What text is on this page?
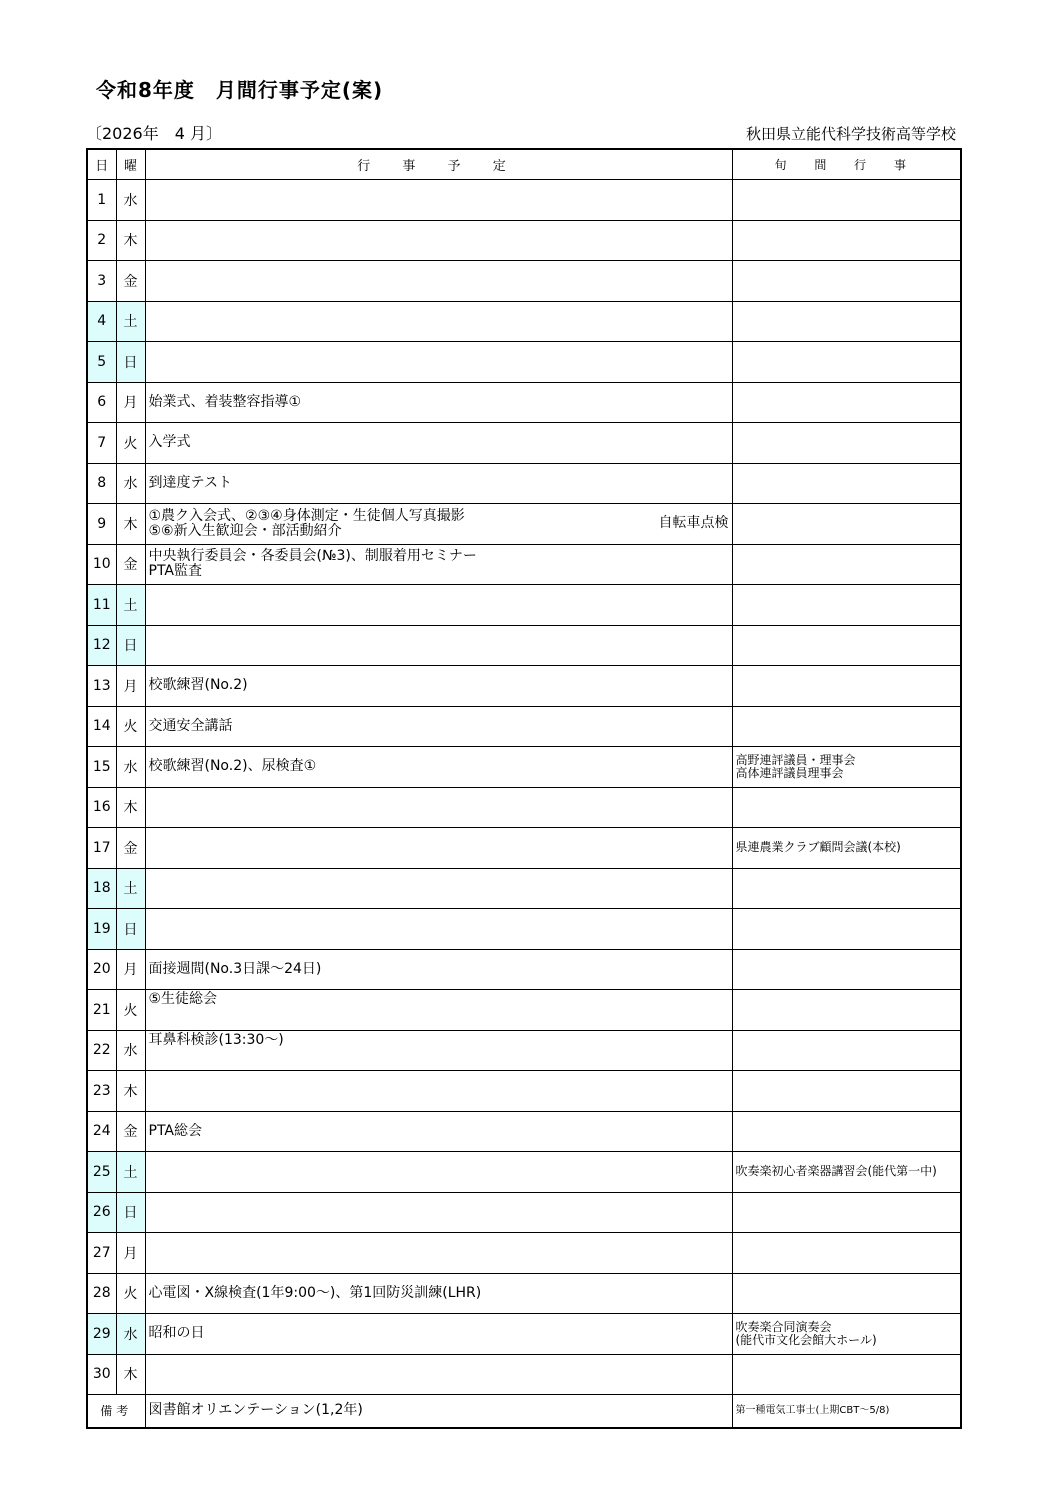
令和8年度　月間行事予定(案)
〔2026年　4 月〕	秋田県立能代科学技術高等学校
日	曜	行 事 予 定	旬 間 行 事
1	水		
2	木		
3	金		
4	土		
5	日		
6	月	始業式、着装整容指導①	

7	火	入学式	

8	水	到達度テスト	

9	木	①農ク入会式、②③④身体測定・生徒個人写真撮影
⑤⑥新入生歓迎会・部活動紹介 自転車点検	

10	金	中央執行委員会・各委員会(№3)、制服着用セミナー
PTA監査	

11	土		
12	日		
13	月	校歌練習(No.2)	

14	火	交通安全講話	

15	水	校歌練習(No.2)、尿検査①	高野連評議員・理事会
高体連評議員理事会

16	木		
17	金		県連農業クラブ顧問会議(本校)

18	土		
19	日		
20	月	面接週間(No.3日課～24日)	

21	火	⑤生徒総会	

22	水	耳鼻科検診(13:30～)	

23	木		
24	金	PTA総会	

25	土		吹奏楽初心者楽器講習会(能代第一中)

26	日		
27	月		
28	火	心電図・X線検査(1年9:00～)、第1回防災訓練(LHR)	

29	水	昭和の日	吹奏楽合同演奏会
(能代市文化会館大ホール)

30	木		
備考		図書館オリエンテーション(1,2年)	第一種電気工事士(上期CBT～5/8)
